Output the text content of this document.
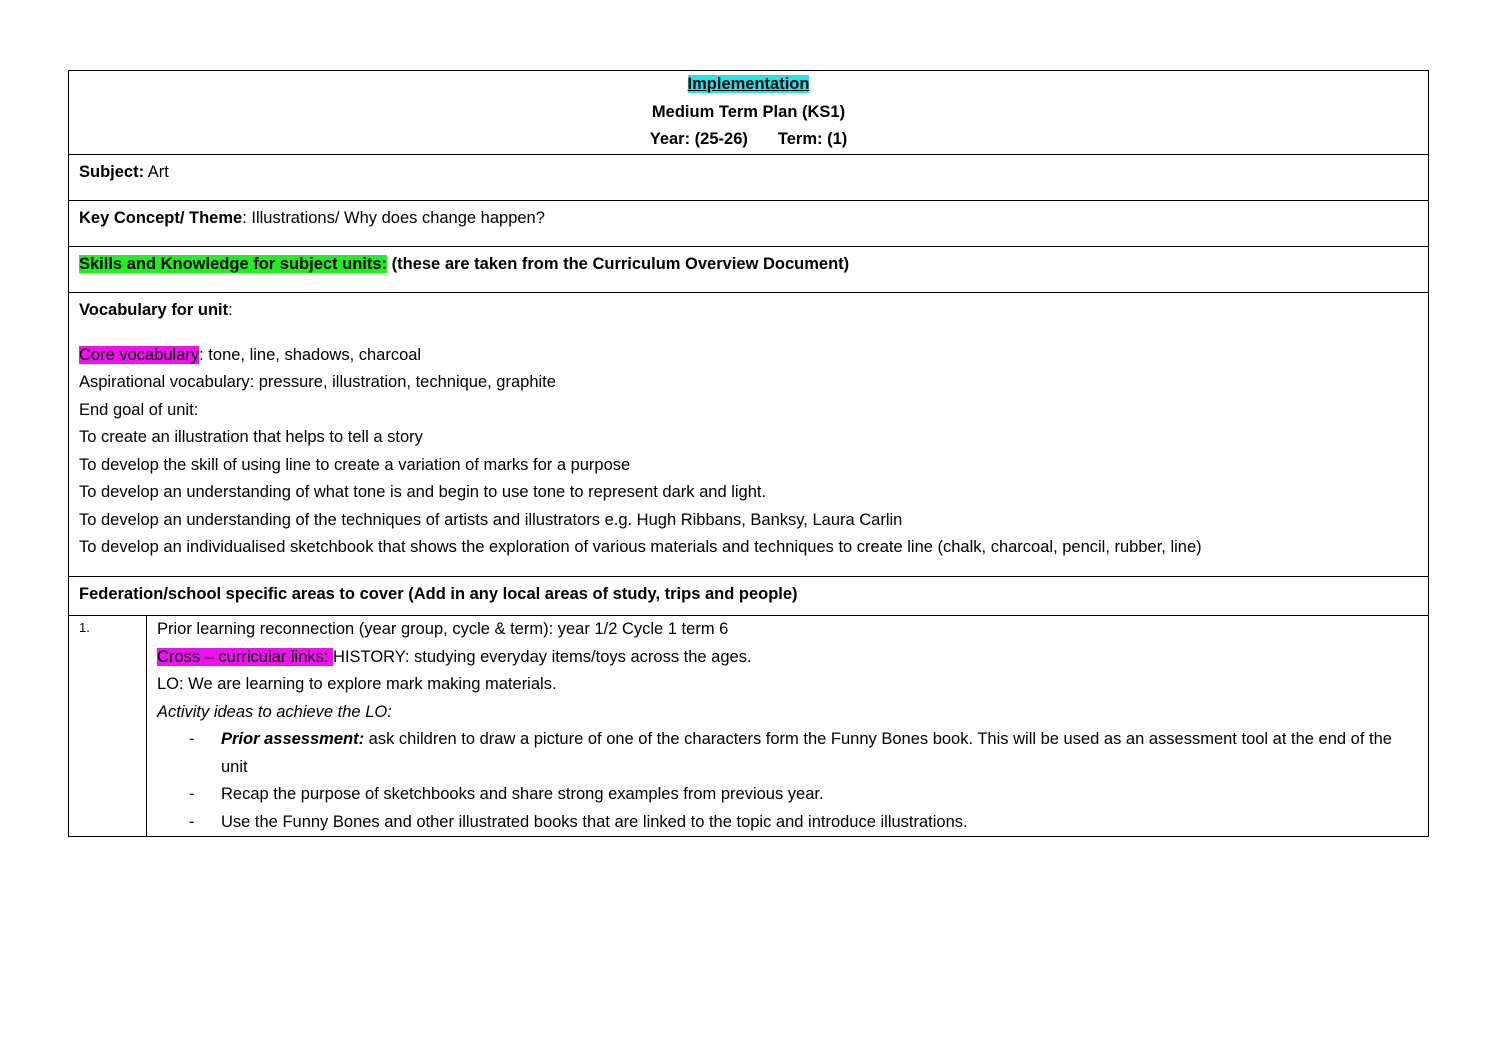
Implementation
Medium Term Plan (KS1)
Year: (25-26) Term: (1)
Subject: Art
Key Concept/ Theme: Illustrations/ Why does change happen?
Skills and Knowledge for subject units: (these are taken from the Curriculum Overview Document)
Vocabulary for unit:
Core vocabulary: tone, line, shadows, charcoal
Aspirational vocabulary: pressure, illustration, technique, graphite
End goal of unit:
To create an illustration that helps to tell a story
To develop the skill of using line to create a variation of marks for a purpose
To develop an understanding of what tone is and begin to use tone to represent dark and light.
To develop an understanding of the techniques of artists and illustrators e.g. Hugh Ribbans, Banksy, Laura Carlin
To develop an individualised sketchbook that shows the exploration of various materials and techniques to create line (chalk, charcoal, pencil, rubber, line)
Federation/school specific areas to cover (Add in any local areas of study, trips and people)
1.	Prior learning reconnection (year group, cycle & term): year 1/2 Cycle 1 term 6
Cross – curricular links: HISTORY: studying everyday items/toys across the ages.
LO: We are learning to explore mark making materials.
Activity ideas to achieve the LO:
-	Prior assessment: ask children to draw a picture of one of the characters form the Funny Bones book. This will be used as an assessment tool at the end of the unit
-	Recap the purpose of sketchbooks and share strong examples from previous year.
-	Use the Funny Bones and other illustrated books that are linked to the topic and introduce illustrations.
